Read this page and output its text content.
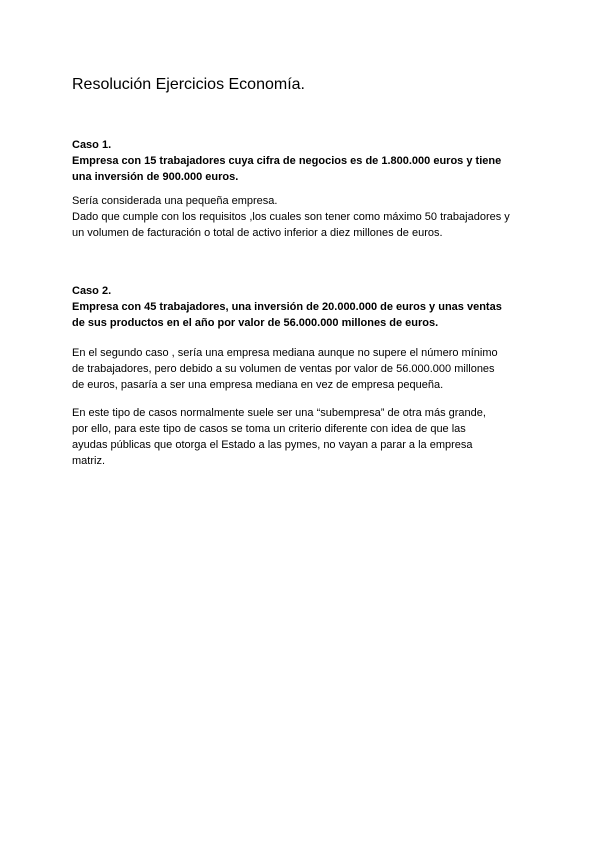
Resolución Ejercicios Economía.

Caso 1.

Empresa con 15 trabajadores cuya cifra de negocios es de 1.800.000 euros y tiene

una inversión de 900.000 euros.

Sería considerada una pequeña empresa.

Dado que cumple con los requisitos ,los cuales son tener como máximo 50 trabajadores y

un volumen de facturación o total de activo inferior a diez millones de euros.

Caso 2.

Empresa con 45 trabajadores, una inversión de 20.000.000 de euros y unas ventas

de sus productos en el año por valor de 56.000.000 millones de euros.

En el segundo caso , sería una empresa mediana aunque no supere el número mínimo

de trabajadores, pero debido a su volumen de ventas por valor de 56.000.000 millones

de euros, pasaría a ser una empresa mediana en vez de empresa pequeña.

En este tipo de casos normalmente suele ser una “subempresa” de otra más grande,

por ello, para este tipo de casos se toma un criterio diferente con idea de que las

ayudas públicas que otorga el Estado a las pymes, no vayan a parar a la empresa

matriz.
